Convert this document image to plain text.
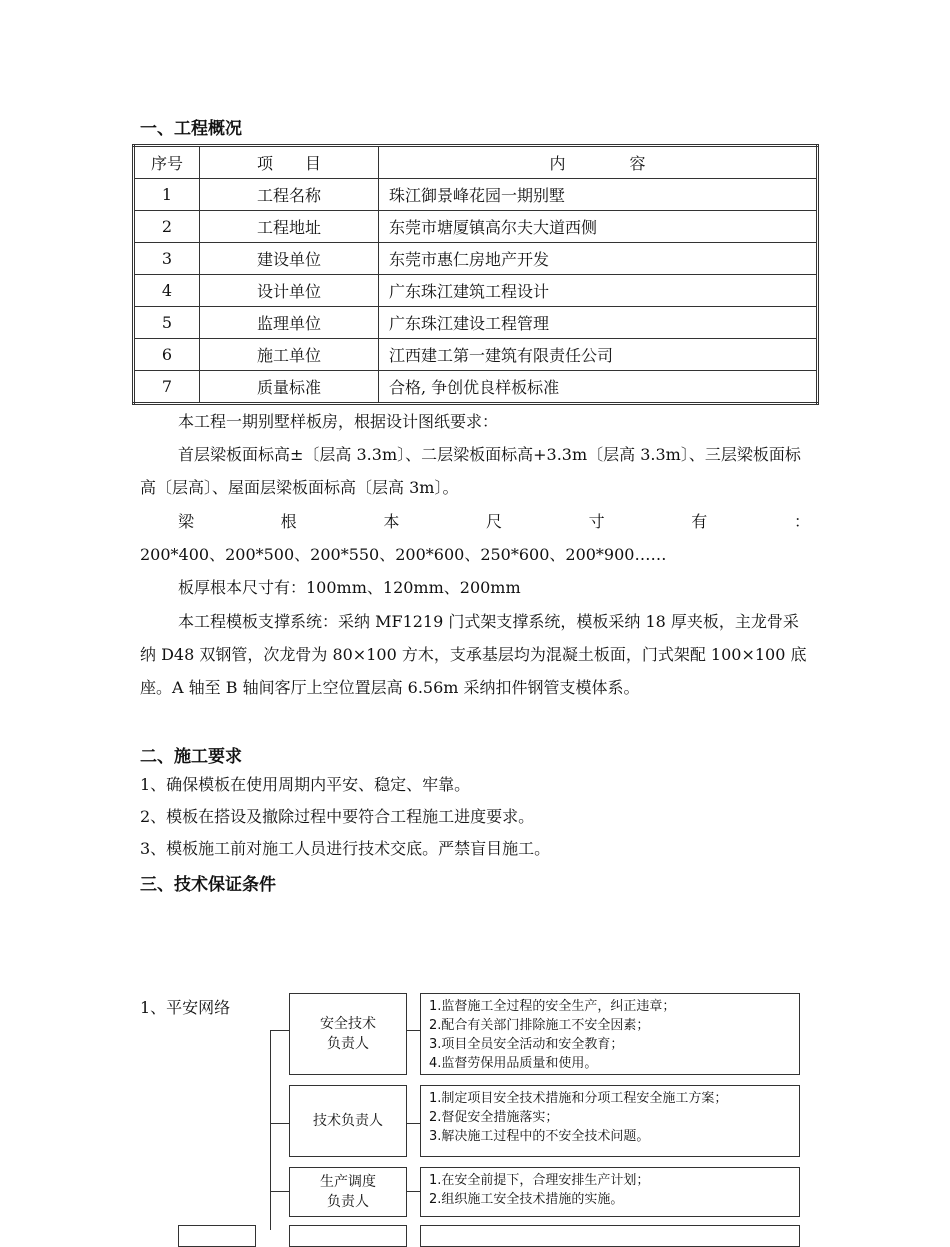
一、工程概况
序号	项　　目	内　　　　容
1	工程名称	珠江御景峰花园一期别墅
2	工程地址	东莞市塘厦镇高尔夫大道西侧
3	建设单位	东莞市惠仁房地产开发
4	设计单位	广东珠江建筑工程设计
5	监理单位	广东珠江建设工程管理
6	施工单位	江西建工第一建筑有限责任公司
7	质量标准	合格, 争创优良样板标准
本工程一期别墅样板房，根据设计图纸要求：
首层梁板面标高±〔层高 3.3m〕、二层梁板面标高+3.3m〔层高 3.3m〕、三层梁板面标高〔层高〕、屋面层梁板面标高〔层高 3m〕。
梁	根	本	尺	寸	有	：
200*400、200*500、200*550、200*600、250*600、200*900……
板厚根本尺寸有：100mm、120mm、200mm
本工程模板支撑系统：采纳 MF1219 门式架支撑系统，模板采纳 18 厚夹板，主龙骨采纳 D48 双钢管，次龙骨为 80×100 方木，支承基层均为混凝土板面，门式架配 100×100 底座。A 轴至 B 轴间客厅上空位置层高 6.56m 采纳扣件钢管支模体系。
二、施工要求
1、确保模板在使用周期内平安、稳定、牢靠。
2、模板在搭设及撤除过程中要符合工程施工进度要求。
3、模板施工前对施工人员进行技术交底。严禁盲目施工。
三、技术保证条件
1、平安网络
安全技术
负责人
1.监督施工全过程的安全生产，纠正违章；
2.配合有关部门排除施工不安全因素；
3.项目全员安全活动和安全教育；
4.监督劳保用品质量和使用。
技术负责人
1.制定项目安全技术措施和分项工程安全施工方案；
2.督促安全措施落实；
3.解决施工过程中的不安全技术问题。
生产调度
负责人
1.在安全前提下，合理安排生产计划；
2.组织施工安全技术措施的实施。
